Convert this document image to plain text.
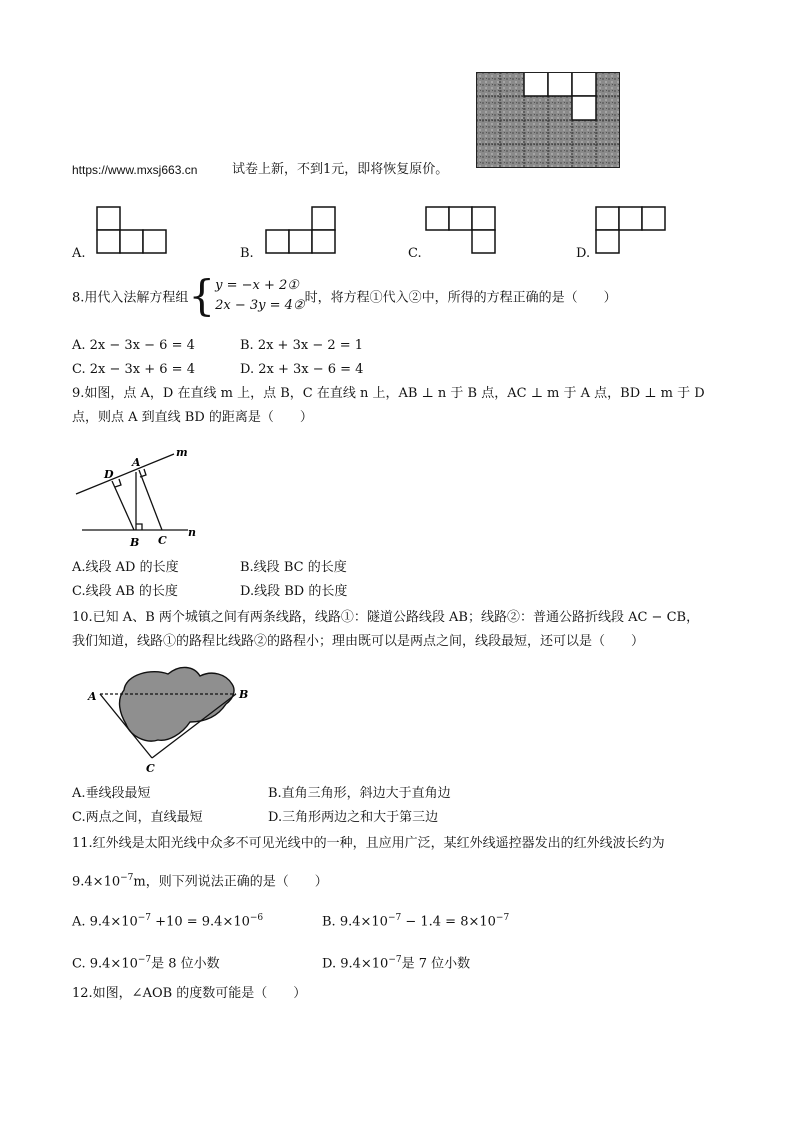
https://www.mxsj663.cn	试卷上新，不到1元，即将恢复原价。
A.	B.	C.	D.
8.用代入法解方程组{ y = −x + 2①
2x − 3y = 4② 时，将方程①代入②中，所得的方程正确的是（　　）
A. 2x − 3x − 6 = 4	B. 2x + 3x − 2 = 1
C. 2x − 3x + 6 = 4	D. 2x + 3x − 6 = 4
9.如图，点 A，D 在直线 m 上，点 B，C 在直线 n 上，AB ⊥ n 于 B 点，AC ⊥ m 于 A 点，BD ⊥ m 于 D
点，则点 A 到直线 BD 的距离是（　　）
D
A
m
B C
n
A.线段 AD 的长度	B.线段 BC 的长度
C.线段 AB 的长度	D.线段 BD 的长度
10.已知 A、B 两个城镇之间有两条线路，线路①：隧道公路线段 AB；线路②：普通公路折线段 AC − CB，
我们知道，线路①的路程比线路②的路程小；理由既可以是两点之间，线段最短，还可以是（　　）
A	B
C
A.垂线段最短	B.直角三角形，斜边大于直角边
C.两点之间，直线最短	D.三角形两边之和大于第三边
11.红外线是太阳光线中众多不可见光线中的一种，且应用广泛，某红外线遥控器发出的红外线波长约为
$9.4\times 10^{-7}m$，则下列说法正确的是（　　）
A. $9.4\times 10^{-7} +10 = 9.4\times 10^{-6}$	B. $9.4\times 10^{-7} - 1.4 = 8\times 10^{-7}$
C. $9.4\times 10^{-7}$是 8 位小数	D. $9.4\times 10^{-7}$是 7 位小数
12.如图，∠AOB 的度数可能是（　　）
